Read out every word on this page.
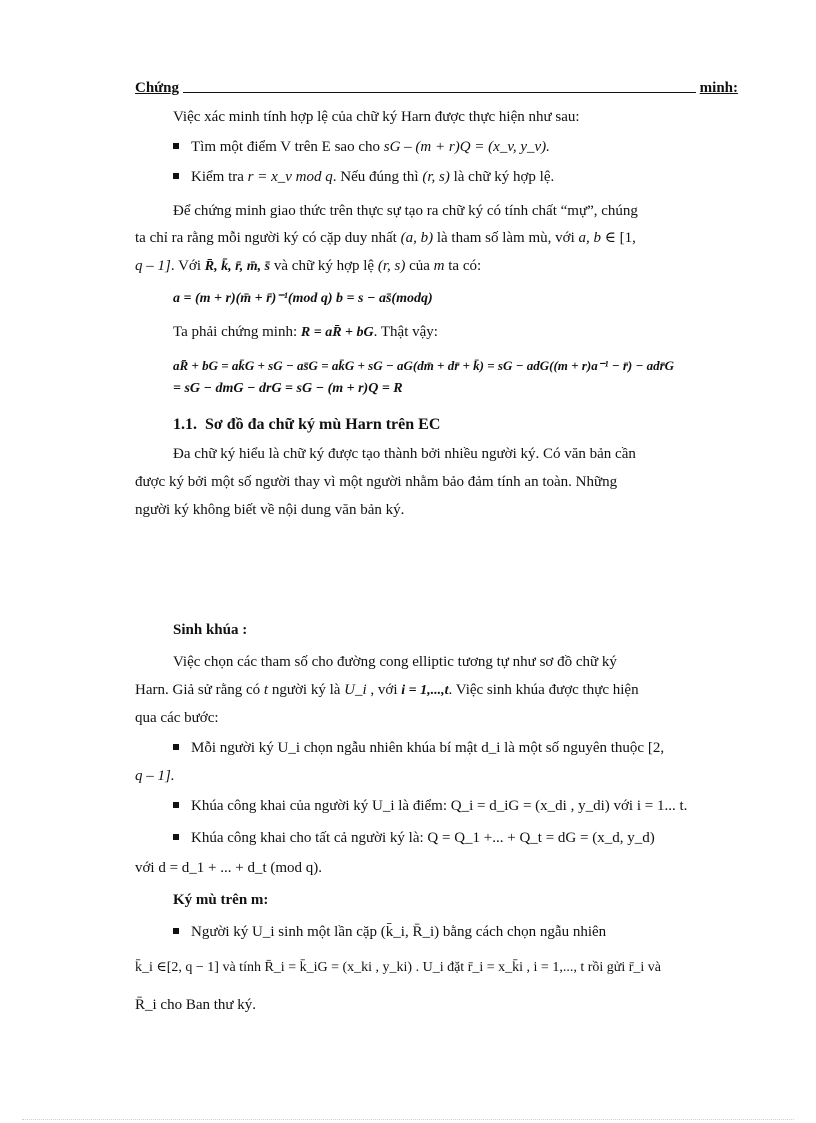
Chứng	minh:
Việc xác minh tính hợp lệ của chữ ký Harn được thực hiện như sau:
Tìm một điểm V trên E sao cho sG – (m + r)Q = (x_v, y_v).
Kiểm tra r = x_v mod q. Nếu đúng thì (r, s) là chữ ký hợp lệ.
Để chứng minh giao thức trên thực sự tạo ra chữ ký có tính chất “mự”, chúng
ta chỉ ra rằng mỗi người ký có cặp duy nhất (a, b) là tham số làm mù, với a, b ∈ [1,
q – 1]. Với R̄, k̄, r̄, m̄, s̄ và chữ ký hợp lệ (r, s) của m ta có:
a = (m + r)(m̄ + r̄)⁻¹(mod q) b = s − as̄(modq)
Ta phải chứng minh: R = aR̄ + bG. Thật vậy:
aR̄ + bG = ak̄G + sG − as̄G = ak̄G + sG − aG(dm̄ + dr̄ + k̄) = sG − adG((m + r)a⁻¹ − r̄) − adr̄G
= sG − dmG − drG = sG − (m + r)Q = R
1.1. Sơ đồ đa chữ ký mù Harn trên EC
Đa chữ ký hiểu là chữ ký được tạo thành bởi nhiều người ký. Có văn bản cần
được ký bởi một số người thay vì một người nhằm bảo đảm tính an toàn. Những
người ký không biết về nội dung văn bản ký.
Sinh khúa :
Việc chọn các tham số cho đường cong elliptic tương tự như sơ đồ chữ ký
Harn. Giả sử rằng có t người ký là U_i , với i = 1,...,t. Việc sinh khúa được thực hiện
qua các bước:
Mỗi người ký U_i chọn ngẫu nhiên khúa bí mật d_i là một số nguyên thuộc [2,
q – 1].
Khúa công khai của người ký U_i là điểm: Q_i = d_iG = (x_di , y_di) với i = 1... t.
Khúa công khai cho tất cả người ký là: Q = Q_1 +... + Q_t = dG = (x_d, y_d)
với d = d_1 + ... + d_t (mod q).
Ký mù trên m:
Người ký U_i sinh một lần cặp (k̄_i, R̄_i) bằng cách chọn ngẫu nhiên
k̄_i ∈[2, q − 1] và tính R̄_i = k̄_iG = (x_ki , y_ki) . U_i đặt r̄_i = x_k̄i , i = 1,..., t rồi gửi r̄_i và
R̄_i cho Ban thư ký.
